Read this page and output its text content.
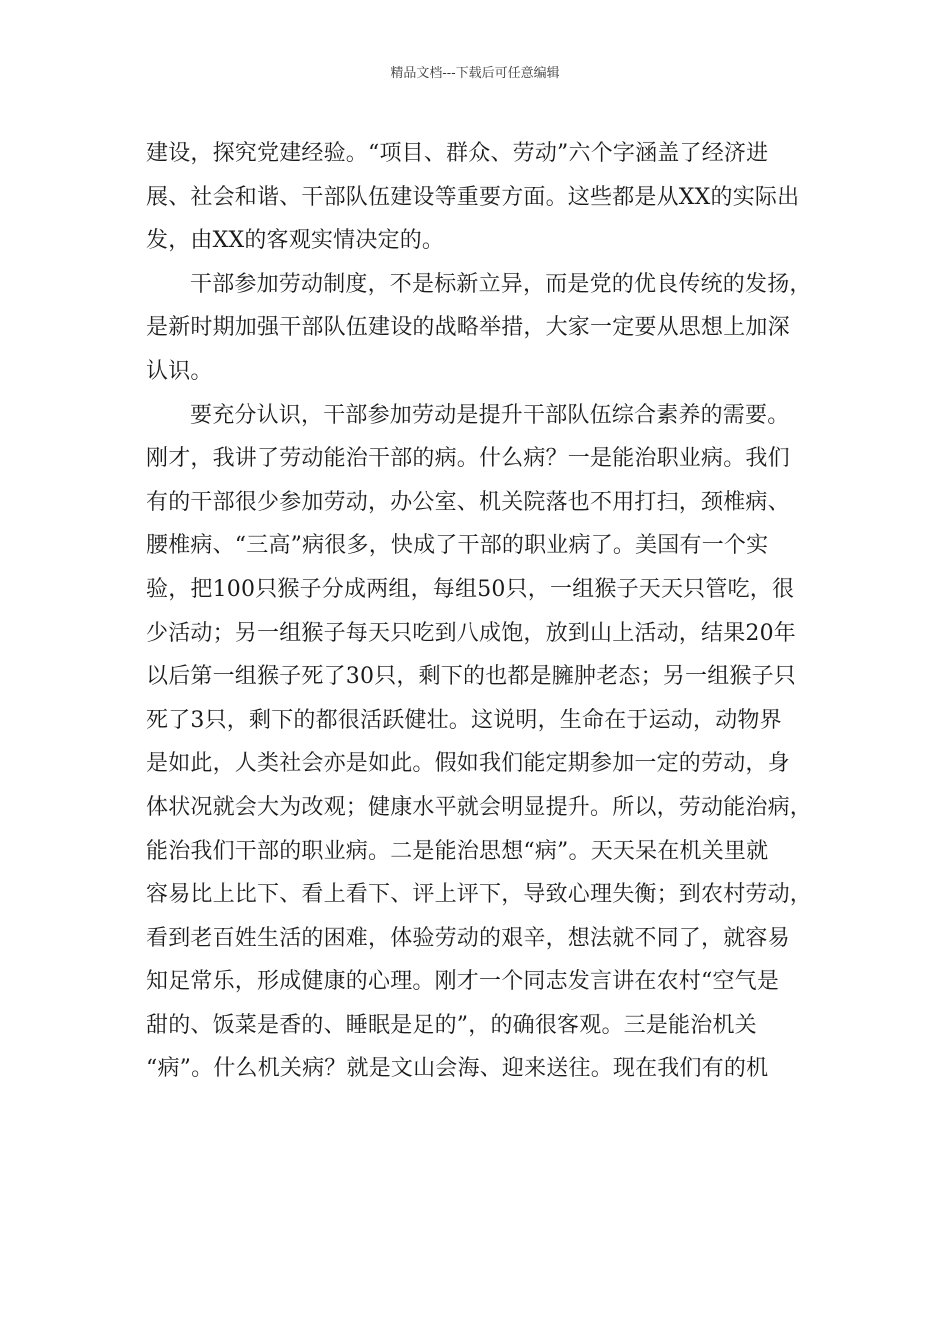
精品文档---下载后可任意编辑
建设，探究党建经验。“项目、群众、劳动”六个字涵盖了经济进
展、社会和谐、干部队伍建设等重要方面。这些都是从XX的实际出
发，由XX的客观实情决定的。
干部参加劳动制度，不是标新立异，而是党的优良传统的发扬，
是新时期加强干部队伍建设的战略举措，大家一定要从思想上加深
认识。
要充分认识，干部参加劳动是提升干部队伍综合素养的需要。
刚才，我讲了劳动能治干部的病。什么病？一是能治职业病。我们
有的干部很少参加劳动，办公室、机关院落也不用打扫，颈椎病、
腰椎病、“三高”病很多，快成了干部的职业病了。美国有一个实
验，把100只猴子分成两组，每组50只，一组猴子天天只管吃，很
少活动；另一组猴子每天只吃到八成饱，放到山上活动，结果20年
以后第一组猴子死了30只，剩下的也都是臃肿老态；另一组猴子只
死了3只，剩下的都很活跃健壮。这说明，生命在于运动，动物界
是如此，人类社会亦是如此。假如我们能定期参加一定的劳动，身
体状况就会大为改观；健康水平就会明显提升。所以，劳动能治病，
能治我们干部的职业病。二是能治思想“病”。天天呆在机关里就
容易比上比下、看上看下、评上评下，导致心理失衡；到农村劳动，
看到老百姓生活的困难，体验劳动的艰辛，想法就不同了，就容易
知足常乐，形成健康的心理。刚才一个同志发言讲在农村“空气是
甜的、饭菜是香的、睡眠是足的”，的确很客观。三是能治机关
“病”。什么机关病？就是文山会海、迎来送往。现在我们有的机
